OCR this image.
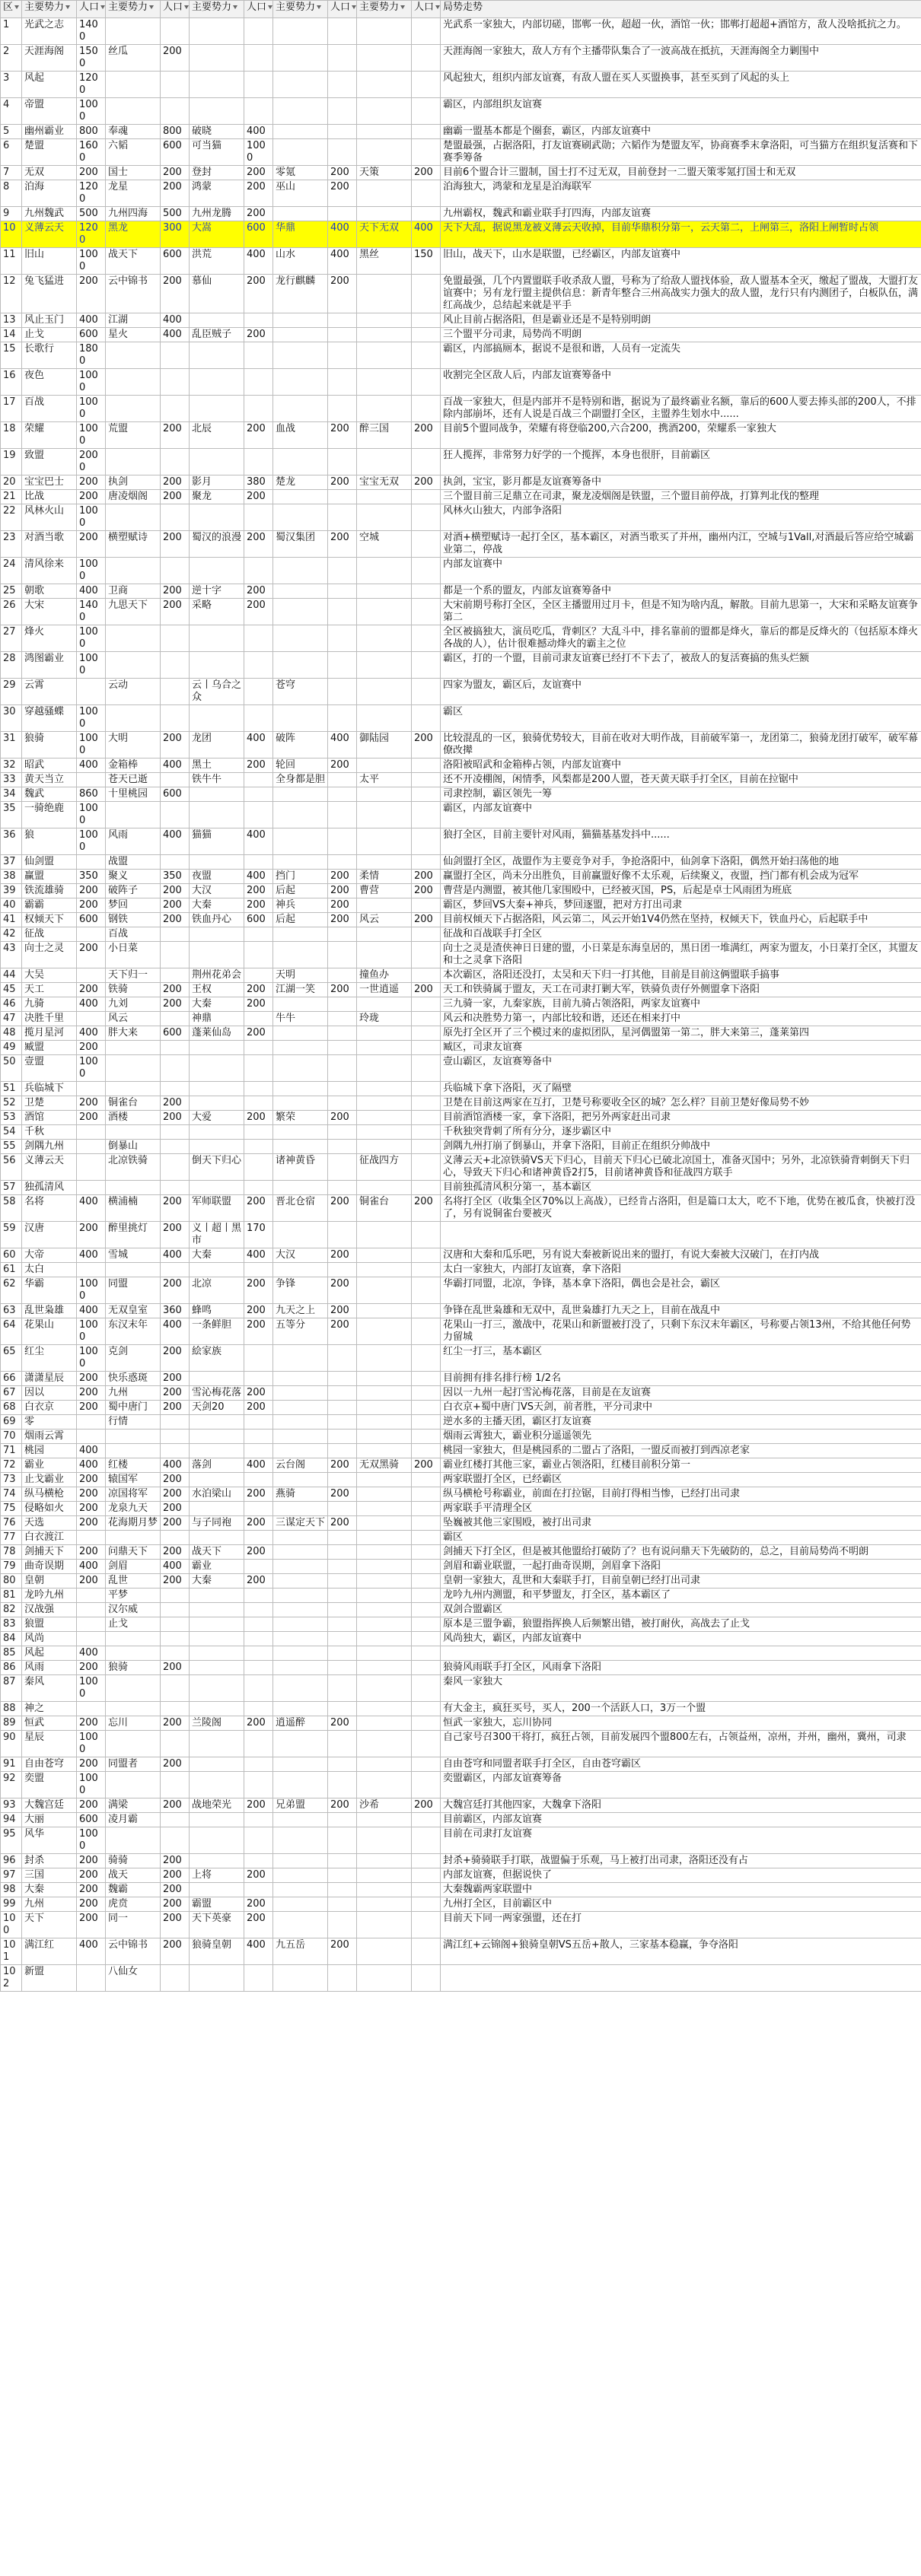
区	主要势力	人口	主要势力	人口	主要势力	人口	主要势力	人口	主要势力	人口	局势走势
1	光武之志	1400									光武系一家独大，内部切磋，邯郸一伙，超超一伙，酒馆一伙；邯郸打超超+酒馆方，敌人没啥抵抗之力。
2	天涯海阁	1500	丝瓜	200							天涯海阁一家独大，敌人方有个主播带队集合了一波高战在抵抗，天涯海阁全力剿围中
3	风起	1200									风起独大，组织内部友谊赛，有敌人盟在买人买盟换事，甚至买到了风起的头上
4	帝盟	1000									霸区，内部组织友谊赛
5	幽州霸业	800	奉魂	800	破晓	400					幽霸一盟基本都是个圈套，霸区，内部友谊赛中
6	楚盟	1600	六韬	600	可当猫	1000					楚盟最强，占据洛阳，打友谊赛刷武勋；六韬作为楚盟友军，协商赛季末拿洛阳，可当猫方在组织复活赛和下赛季筹备
7	无双	200	国士	200	登封	200	零氪	200	天策	200	目前6个盟合计三盟制，国士打不过无双，目前登封一二盟天策零氪打国士和无双
8	泊海	1200	龙星	200	鸿蒙	200	巫山	200			泊海独大，鸿蒙和龙星是泊海联军
9	九州魏武	500	九州四海	500	九州龙腾	200					九州霸权，魏武和霸业联手打四海，内部友谊赛
10	义薄云天	1200	黑龙	300	大嵩	600	华鼎	400	天下无双	400	天下大乱，据说黑龙被义薄云天收掉，目前华鼎积分第一，云天第二，上闸第三，洛阳上闸暂时占领
11	旧山	1000	战天下	600	洪荒	400	山水	400	黑丝	150	旧山，战天下，山水是联盟，已经霸区，内部友谊赛中
12	兔飞猛进	200	云中锦书	200	慕仙	200	龙行麒麟	200			免盟最强，几个内置盟联手收杀敌人盟，号称为了给敌人盟找体验，敌人盟基本全灭，缴起了盟战，大盟打友谊赛中；另有龙行盟主提供信息：新青年整合三州高战实力强大的敌人盟，龙行只有内测团子，白板队伍，满红高战少，总结起来就是平手
13	风止玉门	400	江湖	400							风止目前占据洛阳，但是霸业还是不是特别明朗
14	止戈	600	星火	400	乱臣贼子	200					三个盟平分司隶，局势尚不明朗
15	长歌行	1800									霸区，内部搞厕本，据说不是很和谐，人员有一定流失
16	夜色	1000									收割完全区敌人后，内部友谊赛筹备中
17	百战	1000									百战一家独大，但是内部并不是特别和谐，据说为了最终霸业名额，靠后的600人要去捧头部的200人，不排除内部崩坏，还有人说是百战三个副盟打全区，主盟养生划水中......
18	荣耀	1000	荒盟	200	北辰	200	血战	200	醉三国	200	目前5个盟同战争，荣耀有将登临200,六合200，携酒200，荣耀系一家独大
19	致盟	2000									狂人揽挥，非常努力好学的一个揽挥，本身也很肝，目前霸区
20	宝宝巴士	200	执剑	200	影月	380	楚龙	200	宝宝无双	200	执剑，宝宝，影月都是友谊赛筹备中
21	比战	200	唐凌烟阁	200	聚龙	200					三个盟目前三足鼎立在司隶，聚龙凌烟阁是铁盟，三个盟目前停战，打算判北伐的整理
22	风林火山	1000									风林火山独大，内部争洛阳
23	对酒当歌	200	横塑赋诗	200	蜀汉的浪漫	200	蜀汉集团	200	空城		对酒+横塑赋诗一起打全区，基本霸区，对酒当歌买了并州，幽州内江，空城与1Vall,对酒最后答应给空城霸业第二，停战
24	清风徐来	1000									内部友谊赛中
25	朝歌	400	卫商	200	逆十字	200					都是一个系的盟友，内部友谊赛筹备中
26	大宋	1400	九思天下	200	采略	200					大宋前期号称打全区，全区主播盟用过月卡，但是不知为啥内乱，解散。目前九思第一，大宋和采略友谊赛争第二
27	烽火	1000									全区被搞独大，演员吃瓜，背刺区？大乱斗中，排名靠前的盟都是烽火，靠后的都是反烽火的（包括原本烽火各战的人），估计很难撼动烽火的霸主之位
28	鸿图霸业	1000									霸区，打的一个盟，目前司隶友谊赛已经打不下去了，被敌人的复活赛搞的焦头烂额
29	云霄		云动		云丨乌合之众		苍穹				四家为盟友，霸区后，友谊赛中
30	穿越骚蝶	1000									霸区
31	狼骑	1000	大明	200	龙团	400	破阵	400	御陆园	200	比较混乱的一区，狼骑优势较大，目前在收对大明作战，目前破军第一，龙团第二，狼骑龙团打破军，破军幕僚改撵
32	昭武	400	金箱棒	400	黑土	200	轮回	200			洛阳被昭武和金箱棒占领，内部友谊赛中
33	黄天当立		苍天已逝		铁牛牛		全身都是胆		太平		还不开凌棚阁，闲情季，风梨都是200人盟，苍天黄天联手打全区，目前在拉锯中
34	魏武	860	十里桃园	600							司隶控制，霸区领先一筹
35	一骑绝鹿	1000									霸区，内部友谊赛中
36	狼	1000	风雨	400	猫猫	400					狼打全区，目前主要针对风雨，猫猫基基发抖中......
37	仙剑盟		战盟								仙剑盟打全区，战盟作为主要竞争对手，争抢洛阳中，仙剑拿下洛阳，偶然开始扫荡他的地
38	赢盟	350	聚义	350	夜盟	400	挡门	200	柔情	200	赢盟打全区，尚未分出胜负，目前赢盟好像不太乐观，后续聚义，夜盟，挡门都有机会成为冠军
39	铁流雄骑	200	破阵子	200	大汉	200	后起	200	曹营	200	曹营是内测盟，被其他几家围殴中，已经被灭国，PS，后起是卓士风雨团为班底
40	霸霸	200	梦回	200	大秦	200	神兵	200			霸区，梦回VS大秦+神兵，梦回逐盟，把对方打出司隶
41	权倾天下	600	钢铁	200	铁血丹心	600	后起	200	风云	200	目前权倾天下占据洛阳，风云第二，风云开始1V4仍然在坚持，权倾天下，铁血丹心，后起联手中
42	征战		百战								征战和百战联手打全区
43	向士之灵	200	小日菜								向士之灵是渣侠神日日建的盟，小日菜是东海皇居的，黑日团一堆满红，两家为盟友，小日菜打全区，其盟友和士之灵拿下洛阳
44	大吴		天下归一		荆州花弟会		天明		撞鱼办		本次霸区，洛阳还没打，太吴和天下归一打其他，目前是目前这俩盟联手搞事
45	天工	200	铁骑	200	王权	200	江湖一笑	200	一世逍遥	200	天工和铁骑属于盟友，天工在司隶打剿大军，铁骑负责仔外侧盟拿下洛阳
46	九骑	400	九刘	200	大秦	200					三九骑一家，九秦家族，目前九骑占领洛阳，两家友谊赛中
47	决胜千里		风云		神鼎		牛牛		玲珑		风云和决胜势力第一，内部比较和谐，还还在相来打中
48	揽月星河	400	胖大来	600	蓬莱仙岛	200					原先打全区开了三个模过来的虚拟团队，星河偶盟第一第二，胖大来第三，蓬莱第四
49	臧盟	200									臧区，司隶友谊赛
50	壹盟	1000									壹山霸区，友谊赛筹备中
51	兵临城下										兵临城下拿下洛阳，灭了隔壁
52	卫楚	200	铜雀台	200							卫楚在目前这两家在互打，卫楚号称要收全区的城？怎么样？目前卫楚好像局势不妙
53	酒馆	200	酒楼	200	大爱	200	繁荣	200			目前酒馆酒楼一家，拿下洛阳，把另外两家赶出司隶
54	千秋										千秋独突背刺了所有分分，逐步霸区中
55	剑隅九州		倒暴山								剑隅九州打崩了倒暴山，并拿下洛阳，目前正在组织分帅战中
56	义薄云天		北凉铁骑		倒天下归心		诸神黄昏		征战四方		义薄云天+北凉铁骑VS天下归心，目前天下归心已破北凉国土，准备灭国中；另外，北凉铁骑背刺倒天下归心，导致天下归心和诸神黄昏2打5，目前诸神黄昏和征战四方联手
57	独孤清风										目前独孤清风积分第一，基本霸区
58	名将	400	横浦楠	200	军师联盟	200	晋北仓宿	200	铜雀台	200	名将打全区（收集全区70%以上高战），已经肯占洛阳，但是篇口太大，吃不下地，优势在被瓜食，快被打没了，另有说铜雀台要被灭
59	汉唐	200	醉里挑灯	200	义丨超丨黑市	170					
60	大帝	400	雪城	400	大秦	400	大汉	200			汉唐和大秦和瓜乐吧，另有说大秦被新说出来的盟打，有说大秦被大汉破门，在打内战
61	太白										太白一家独大，内部打友谊赛，拿下洛阳
62	华霸	1000	同盟	200	北凉	200	争锋	200			华霸打同盟，北凉，争锋，基本拿下洛阳，偶也会是社会，霸区
63	乱世枭雄	400	无双皇室	360	蜂鸣	200	九天之上	200			争锋在乱世枭雄和无双中，乱世枭雄打九天之上，目前在战乱中
64	花果山	1000	东汉末年	400	一条鲜胆	200	五等分	200			花果山一打三，激战中，花果山和新盟被打没了，只剩下东汉末年霸区，号称要占领13州，不给其他任何势力留城
65	红尘	1000	克剑	200	絵家族						红尘一打三，基本霸区
66	潇潇星辰	200	快乐惑斑	200							目前拥有排名排行榜 1/2名
67	因以	200	九州	200	雪沁梅花落	200					因以一九州一起打雪沁梅花落，目前是在友谊赛
68	白衣京	200	蜀中唐门	200	天剑20	200					白衣京+蜀中唐门VS天剑，前者胜，平分司隶中
69	零		行情								逆水多的主播天团，霸区打友谊赛
70	烟雨云霄										烟雨云霄独大，霸业积分遥遥领先
71	桃园	400									桃园一家独大，但是桃园系的二盟占了洛阳，一盟反而被打到西凉老家
72	霸业	400	红楼	400	落剑	400	云台阁	200	无双黑骑	200	霸业红楼打其他三家，霸业占领洛阳，红楼目前积分第一
73	止戈霸业	200	辕国军	200							两家联盟打全区，已经霸区
74	纵马横枪	200	凉国将军	200	水泊梁山	200	燕骑	200			纵马横枪号称霸业，前面在打拉锯，目前打得相当惨，已经打出司隶
75	侵略如火	200	龙泉九天	200							两家联手平清理全区
76	天选	200	花海期月梦	200	与子同袍	200	三谋定天下	200			坠巍被其他三家围殴，被打出司隶
77	白衣渡江										霸区
78	剑捕天下	200	问鼎天下	200	战天下	200					剑捕天下打全区，但是被其他盟给打破防了？也有说问鼎天下先破防的，总之，目前局势尚不明朗
79	曲奇误期	400	剑眉	400	霸业						剑眉和霸业联盟，一起打曲奇误期，剑眉拿下洛阳
80	皇朝	200	乱世	200	大秦	200					皇朝一家独大，乱世和大秦联手打，目前皇朝已经打出司隶
81	龙吟九州		平梦								龙吟九州内测盟，和平梦盟友，打全区，基本霸区了
82	汉战强		汉尔威								双剑合盟霸区
83	狼盟		止戈								原本是三盟争霸，狼盟指挥换人后频繁出错，被打耐伙，高战去了止戈
84	风尚										风尚独大，霸区，内部友谊赛中
85	风起	400									
86	风雨	200	狼骑	200							狼骑风雨联手打全区，风雨拿下洛阳
87	秦风	1000									秦风一家独大
88	神之										有大金主，疯狂买号，买人，200一个活跃人口，3万一个盟
89	恒武	200	忘川	200	兰陵阁	200	逍遥醉	200			恒武一家独大，忘川协同
90	星辰	1000									自己家号召300干将打，疯狂占领，目前发展四个盟800左右，占领益州，凉州，并州，幽州，冀州，司隶
91	自由苍穹	200	同盟者	200							自由苍穹和同盟者联手打全区，自由苍穹霸区
92	奕盟	1000									奕盟霸区，内部友谊赛筹备
93	大魏宫廷	200	满梁	200	战地荣光	200	兄弟盟	200	沙希	200	大魏宫廷打其他四家，大魏拿下洛阳
94	大丽	600	凌月霸								目前霸区，内部友谊赛
95	风华	1000									目前在司隶打友谊赛
96	封杀	200	骑骑	200							封杀+骑骑联手打联，战盟偏于乐观，马上被打出司隶，洛阳还没有占
97	三国	200	战天	200	上将	200					内部友谊赛，但据说快了
98	大秦	200	魏霸	200							大秦魏霸两家联盟中
99	九州	200	虎贲	200	霸盟	200					九州打全区，目前霸区中
100	天下	200	同一	200	天下英豪	200					目前天下同一两家强盟，还在打
101	满江红	400	云中锦书	200	狼骑皇朝	400	九五岳	200			满江红+云锦阁+狼骑皇朝VS五岳+散人，三家基本稳赢，争夺洛阳
102	新盟		八仙女								
